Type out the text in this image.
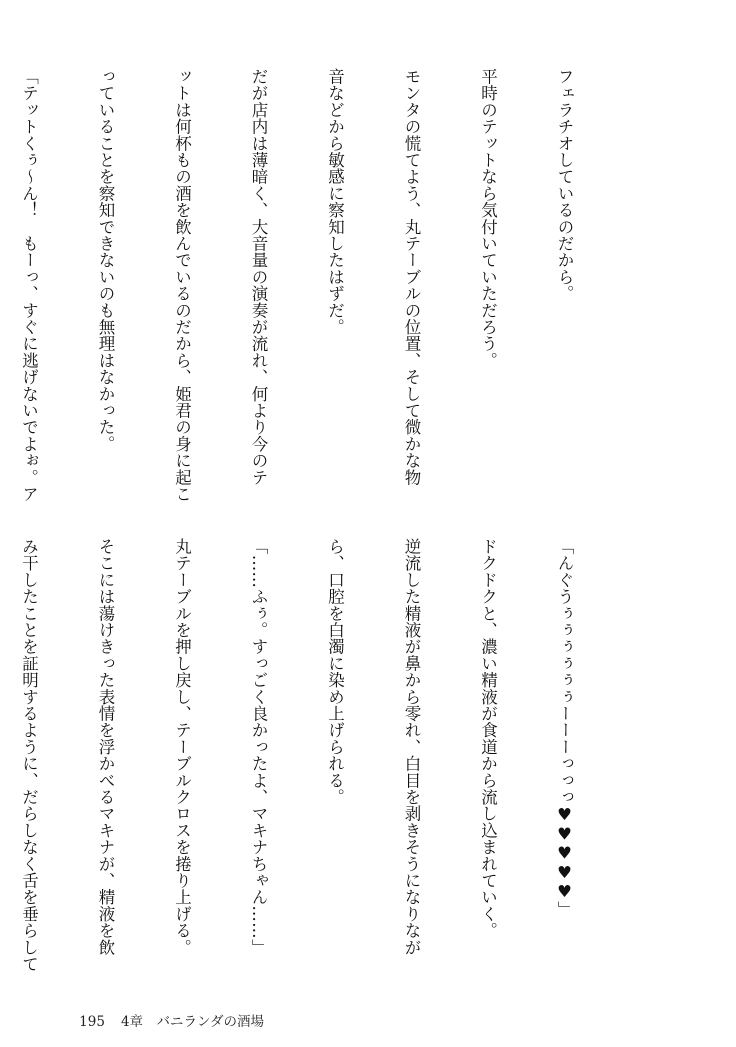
フェラチオしているのだから。

平時のテットなら気付いていただろう。

モンタの慌てよう、丸テーブルの位置、そして微かな物

音などから敏感に察知したはずだ。

だが店内は薄暗く、大音量の演奏が流れ、何より今のテ

ットは何杯もの酒を飲んでいるのだから、姫君の身に起こ

っていることを察知できないのも無理はなかった。

「テットくぅ～ん！　もーっ、すぐに逃げないでよぉ。ア

「んぐうぅぅぅぅぅぅーーーっっっ♥♥♥♥♥」

ドクドクと、濃い精液が食道から流し込まれていく。

逆流した精液が鼻から零れ、白目を剥きそうになりなが

ら、口腔を白濁に染め上げられる。

「……ふぅ。すっごく良かったよ、マキナちゃん……」

丸テーブルを押し戻し、テーブルクロスを捲り上げる。

そこには蕩けきった表情を浮かべるマキナが、精液を飲

み干したことを証明するように、だらしなく舌を垂らして

195 4章　バニランダの酒場
